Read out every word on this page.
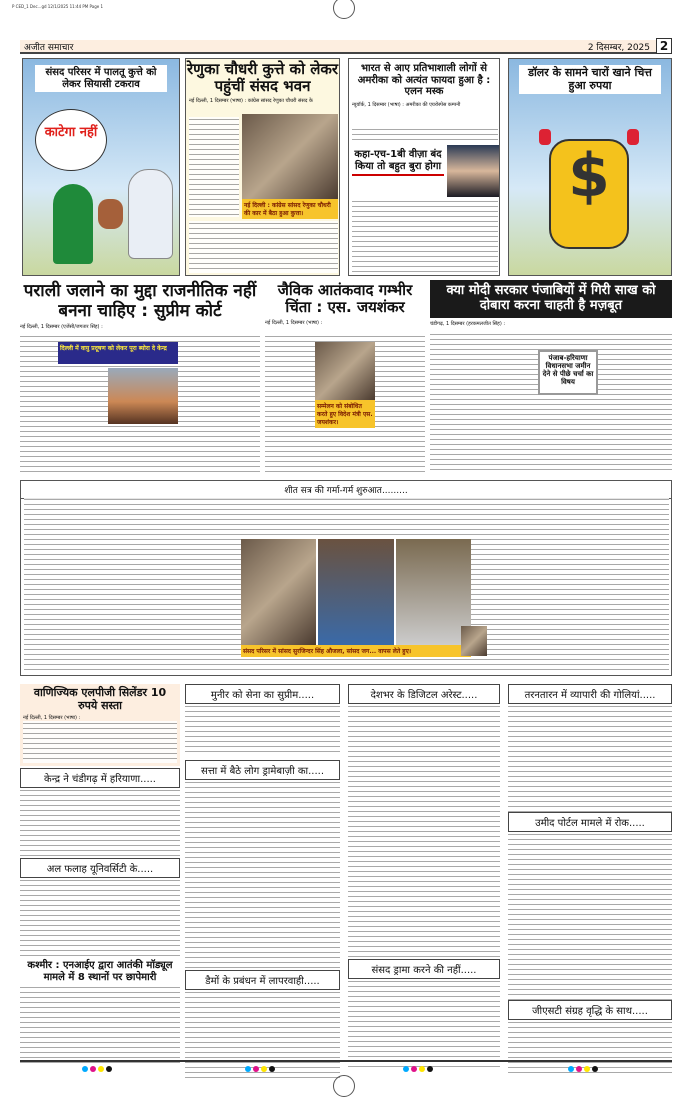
P CED_1 Dec...gd 12/1/2025 11:44 PM Page 1
अजीत समाचार	2 दिसम्बर, 2025 2
संसद परिसर में पालतू कुत्ते को लेकर सियासी टकराव
काटेगा नहीं
रेणुका चौधरी कुत्ते को लेकर पहुंचीं संसद भवन
नई दिल्ली, 1 दिसम्बर (भाषा) : कांग्रेस सांसद रेणुका चौधरी संसद के
नई दिल्ली : कांग्रेस सांसद रेणुका चौधरी की कार में बैठा हुआ कुत्ता।
भारत से आए प्रतिभाशाली लोगों से अमरीका को अत्यंत फायदा हुआ है : एलन मस्क
न्यूयॉर्क, 1 दिसम्बर (भाषा) : अमरीका की एयरोस्पेस कम्पनी
कहा-एच-1बी वीज़ा बंद किया तो बहुत बुरा होगा
डॉलर के सामने चारों खाने चित्त हुआ रुपया
$
पराली जलाने का मुद्दा राजनीतिक नहीं बनना चाहिए : सुप्रीम कोर्ट
नई दिल्ली, 1 दिसम्बर (एजेंसी/जगतार सिंह) :
दिल्ली में वायु प्रदूषण को लेकर पूरा ब्योरा दे केन्द्र
जैविक आतंकवाद गम्भीर चिंता : एस. जयशंकर
नई दिल्ली, 1 दिसम्बर (भाषा) :
सम्मेलन को संबोधित करते हुए विदेश मंत्री एस. जयशंकर।
क्या मोदी सरकार पंजाबियों में गिरी साख को दोबारा करना चाहती है मज़बूत
चंडीगढ़, 1 दिसम्बर (हरकमलजीत सिंह) :
पंजाब-हरियाणा विधानसभा जमीन देने से पीछे चर्चा का विषय
शीत सत्र की गर्मा-गर्म शुरुआत.........
संसद परिसर में सांसद सुरजिन्दर सिंह औजला, सांसद जग... वापस लेते हुए।
वाणिज्यिक एलपीजी सिलेंडर 10 रुपये सस्ता
नई दिल्ली, 1 दिसम्बर (भाषा) :
केन्द्र ने चंडीगढ़ में हरियाणा.....
अल फलाह यूनिवर्सिटी के.....
कश्मीर : एनआईए द्वारा आतंकी मॉड्यूल मामले में 8 स्थानों पर छापेमारी
मुनीर को सेना का सुप्रीम.....
सत्ता में बैठे लोग ड्रामेबाज़ी का.....
डैमों के प्रबंधन में लापरवाही.....
देशभर के डिजिटल अरेस्ट.....
संसद ड्रामा करने की नहीं.....
तरनतारन में व्यापारी की गोलियां.....
उमीद पोर्टल मामले में रोक.....
जीएसटी संग्रह वृद्धि के साथ.....
